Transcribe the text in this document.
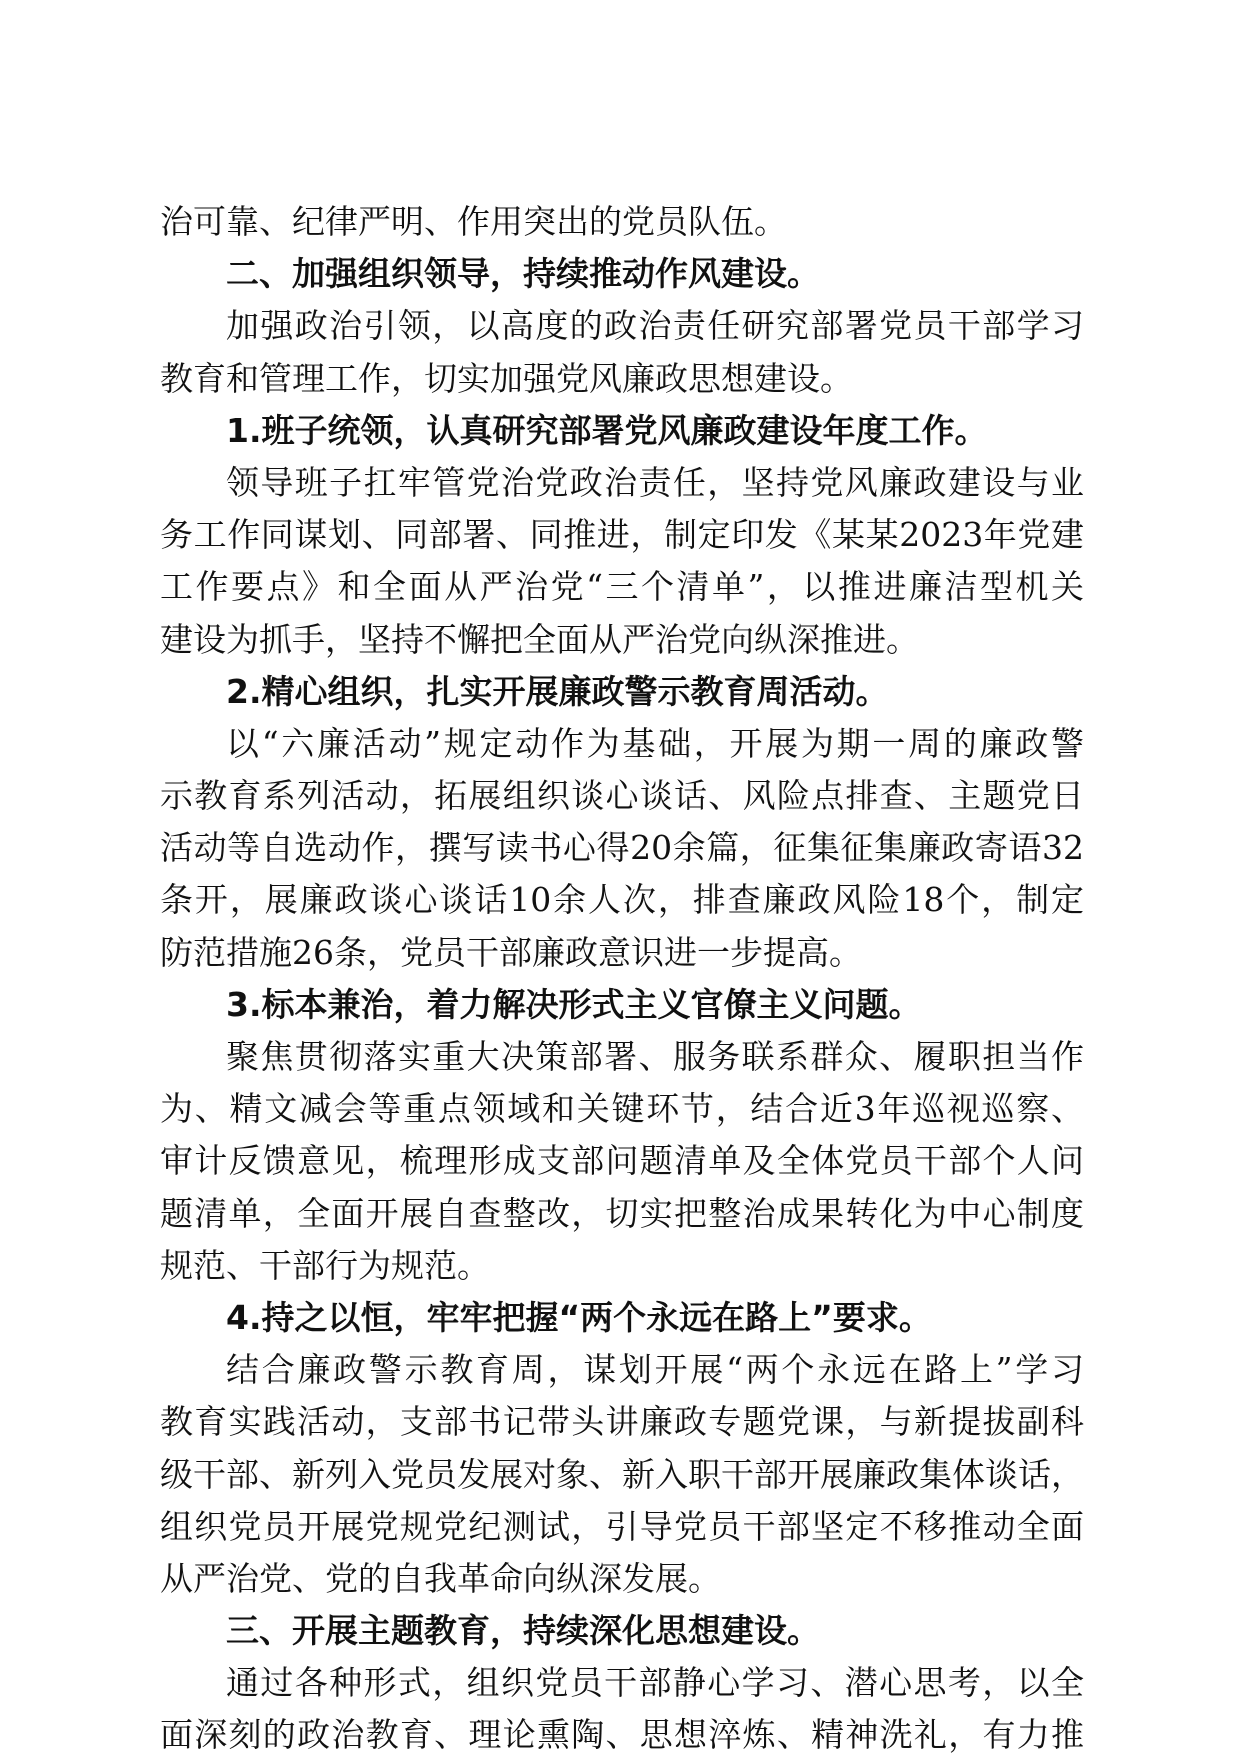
治可靠、纪律严明、作用突出的党员队伍。
二、加强组织领导，持续推动作风建设。
加强政治引领，以高度的政治责任研究部署党员干部学习
教育和管理工作，切实加强党风廉政思想建设。
1.班子统领，认真研究部署党风廉政建设年度工作。
领导班子扛牢管党治党政治责任，坚持党风廉政建设与业
务工作同谋划、同部署、同推进，制定印发《某某2023年党建
工作要点》和全面从严治党“三个清单”，以推进廉洁型机关
建设为抓手，坚持不懈把全面从严治党向纵深推进。
2.精心组织，扎实开展廉政警示教育周活动。
以“六廉活动”规定动作为基础，开展为期一周的廉政警
示教育系列活动，拓展组织谈心谈话、风险点排查、主题党日
活动等自选动作，撰写读书心得20余篇，征集征集廉政寄语32
条开，展廉政谈心谈话10余人次，排查廉政风险18个，制定
防范措施26条，党员干部廉政意识进一步提高。
3.标本兼治，着力解决形式主义官僚主义问题。
聚焦贯彻落实重大决策部署、服务联系群众、履职担当作
为、精文减会等重点领域和关键环节，结合近3年巡视巡察、
审计反馈意见，梳理形成支部问题清单及全体党员干部个人问
题清单，全面开展自查整改，切实把整治成果转化为中心制度
规范、干部行为规范。
4.持之以恒，牢牢把握“两个永远在路上”要求。
结合廉政警示教育周，谋划开展“两个永远在路上”学习
教育实践活动，支部书记带头讲廉政专题党课，与新提拔副科
级干部、新列入党员发展对象、新入职干部开展廉政集体谈话，
组织党员开展党规党纪测试，引导党员干部坚定不移推动全面
从严治党、党的自我革命向纵深发展。
三、开展主题教育，持续深化思想建设。
通过各种形式，组织党员干部静心学习、潜心思考，以全
面深刻的政治教育、理论熏陶、思想淬炼、精神洗礼，有力推
